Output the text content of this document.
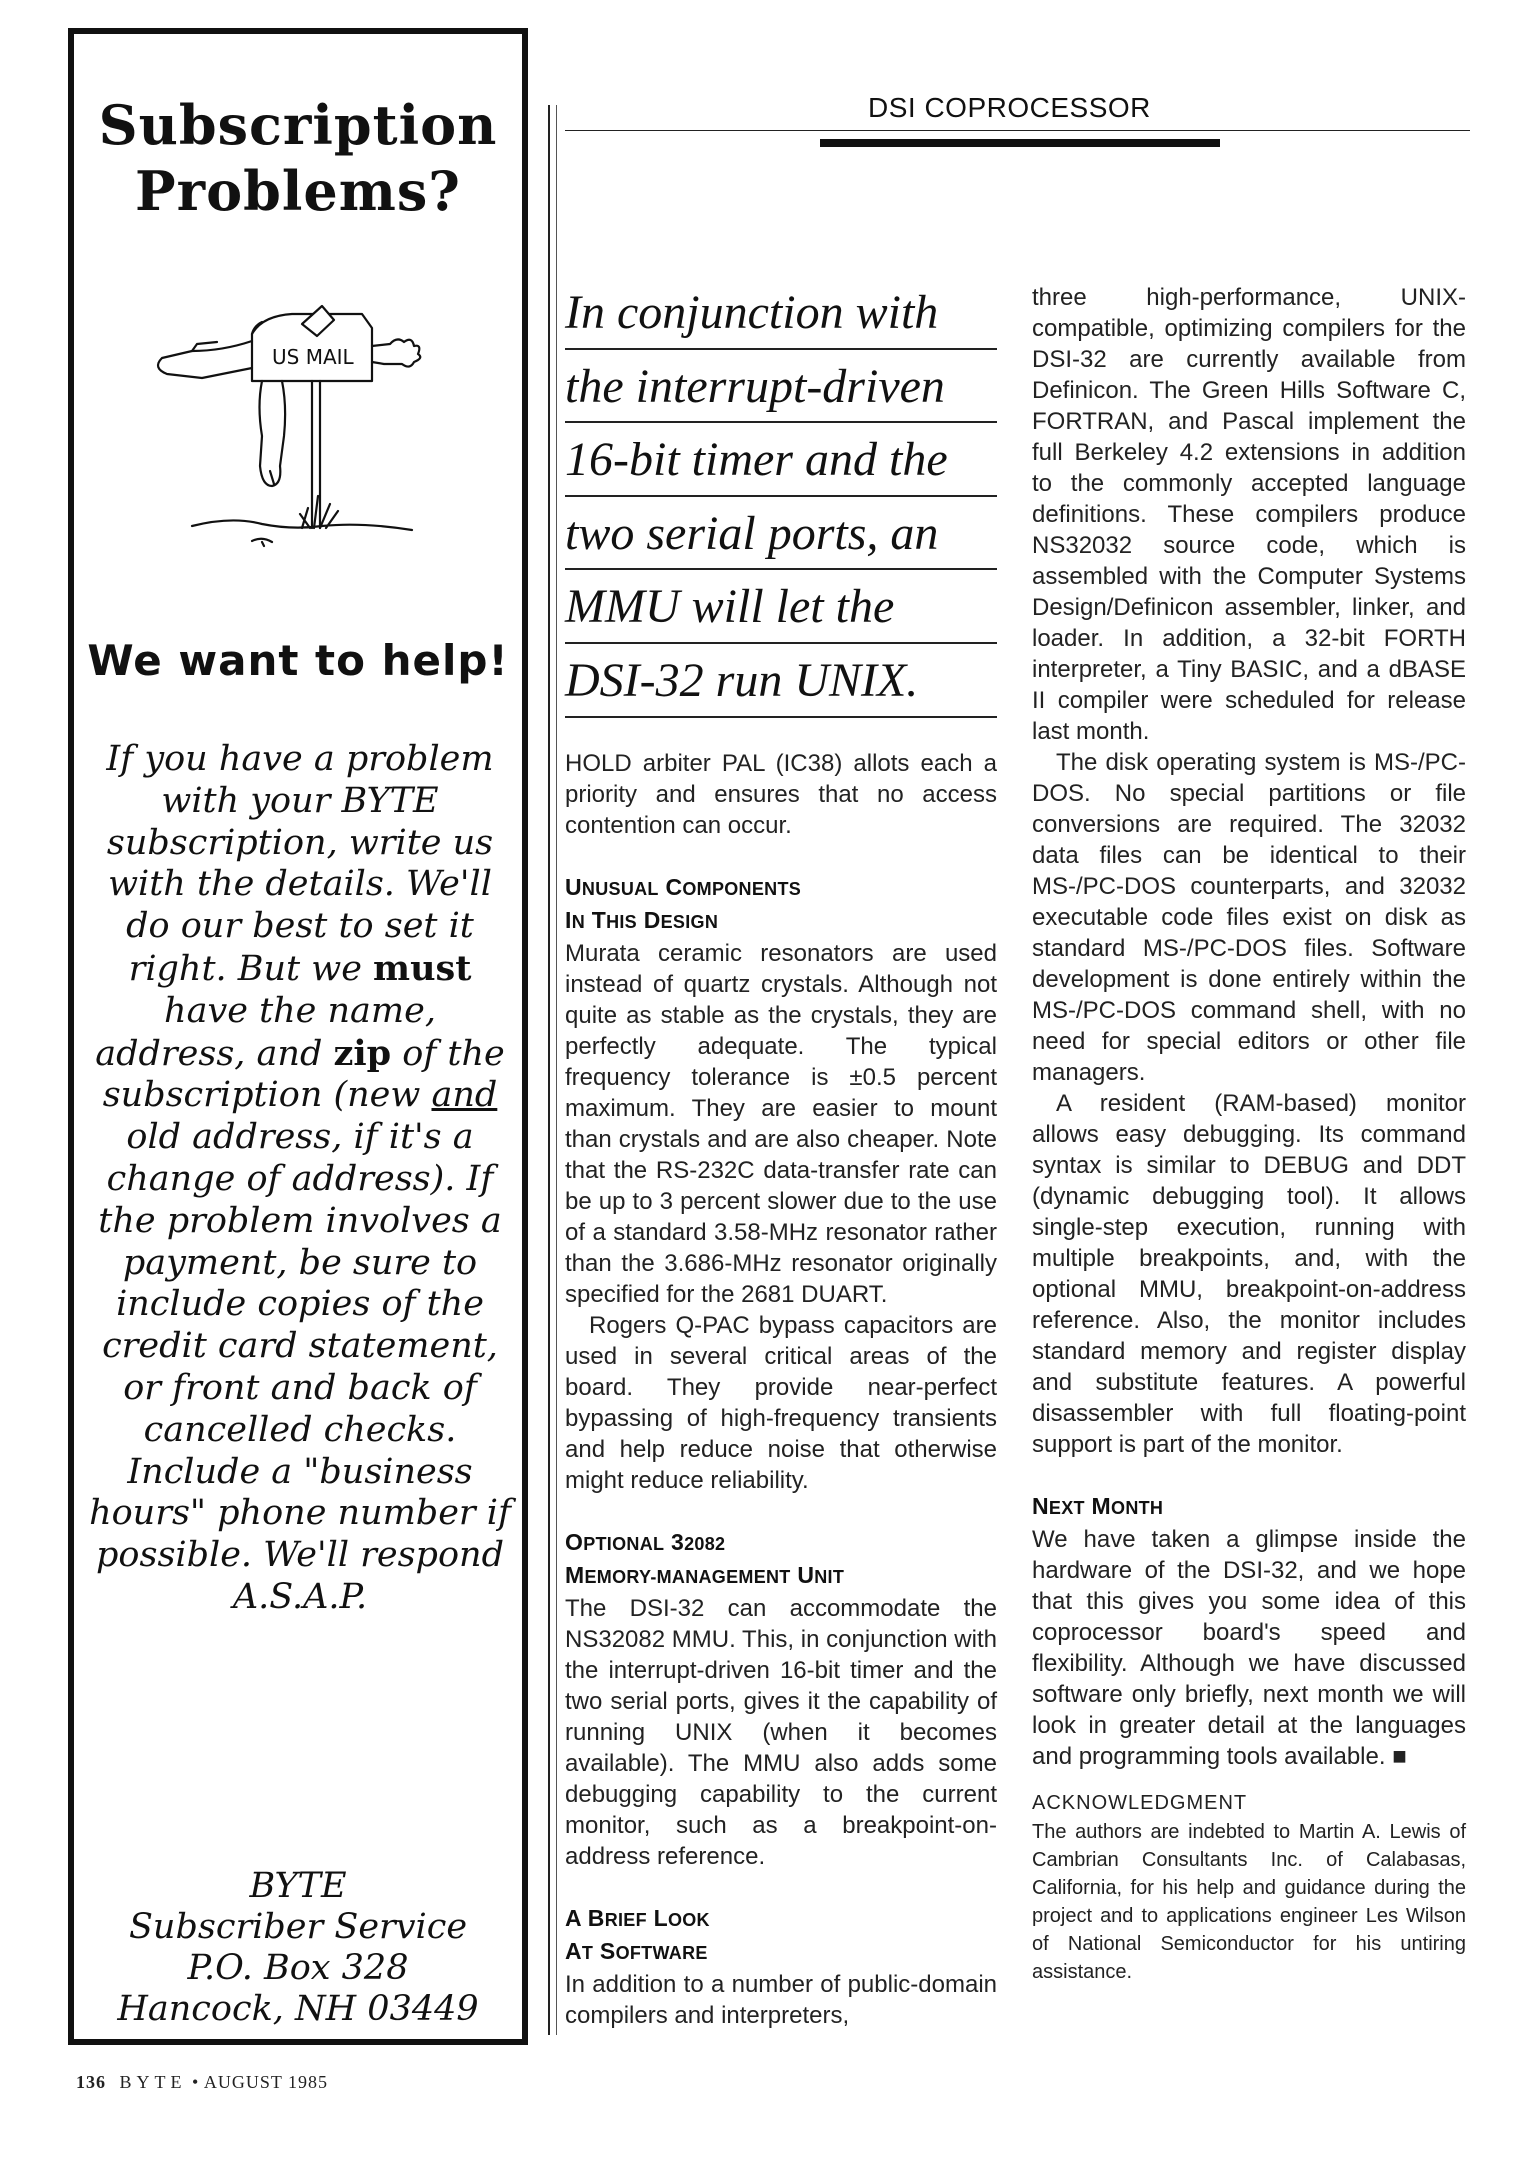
Subscription
Problems?
US MAIL
We want to help!
If you have a problem with your BYTE subscription, write us with the details. We'll do our best to set it right. But we must have the name, address, and zip of the subscription (new and old address, if it's a change of address). If the problem involves a payment, be sure to include copies of the credit card statement, or front and back of cancelled checks. Include a "business hours" phone number if possible. We'll respond A.S.A.P.
BYTE
Subscriber Service
P.O. Box 328
Hancock, NH 03449
136 BYTE • AUGUST 1985
DSI COPROCESSOR
In conjunction with
the interrupt-driven
16-bit timer and the
two serial ports, an
MMU will let the
DSI-32 run UNIX.

HOLD arbiter PAL (IC38) allots each a priority and ensures that no access contention can occur.

UNUSUAL COMPONENTS
IN THIS DESIGN

Murata ceramic resonators are used instead of quartz crystals. Although not quite as stable as the crystals, they are perfectly adequate. The typical frequency tolerance is ±0.5 percent maximum. They are easier to mount than crystals and are also cheaper. Note that the RS-232C data-transfer rate can be up to 3 percent slower due to the use of a standard 3.58-MHz resonator rather than the 3.686-MHz resonator originally specified for the 2681 DUART.

Rogers Q-PAC bypass capacitors are used in several critical areas of the board. They provide near-perfect bypassing of high-frequency transients and help reduce noise that otherwise might reduce reliability.

OPTIONAL 32082
MEMORY-MANAGEMENT UNIT

The DSI-32 can accommodate the NS32082 MMU. This, in conjunction with the interrupt-driven 16-bit timer and the two serial ports, gives it the capability of running UNIX (when it becomes available). The MMU also adds some debugging capability to the current monitor, such as a breakpoint-on-address reference.

A BRIEF LOOK
AT SOFTWARE

In addition to a number of public-domain compilers and interpreters,

three high-performance, UNIX-compatible, optimizing compilers for the DSI-32 are currently available from Definicon. The Green Hills Software C, FORTRAN, and Pascal implement the full Berkeley 4.2 extensions in addition to the commonly accepted language definitions. These compilers produce NS32032 source code, which is assembled with the Computer Systems Design/Definicon assembler, linker, and loader. In addition, a 32-bit FORTH interpreter, a Tiny BASIC, and a dBASE II compiler were scheduled for release last month.

The disk operating system is MS-/PC-DOS. No special partitions or file conversions are required. The 32032 data files can be identical to their MS-/PC-DOS counterparts, and 32032 executable code files exist on disk as standard MS-/PC-DOS files. Software development is done entirely within the MS-/PC-DOS command shell, with no need for special editors or other file managers.

A resident (RAM-based) monitor allows easy debugging. Its command syntax is similar to DEBUG and DDT (dynamic debugging tool). It allows single-step execution, running with multiple breakpoints, and, with the optional MMU, breakpoint-on-address reference. Also, the monitor includes standard memory and register display and substitute features. A powerful disassembler with full floating-point support is part of the monitor.

NEXT MONTH

We have taken a glimpse inside the hardware of the DSI-32, and we hope that this gives you some idea of this coprocessor board's speed and flexibility. Although we have discussed software only briefly, next month we will look in greater detail at the languages and programming tools available. ■

ACKNOWLEDGMENT

The authors are indebted to Martin A. Lewis of Cambrian Consultants Inc. of Calabasas, California, for his help and guidance during the project and to applications engineer Les Wilson of National Semiconductor for his untiring assistance.
